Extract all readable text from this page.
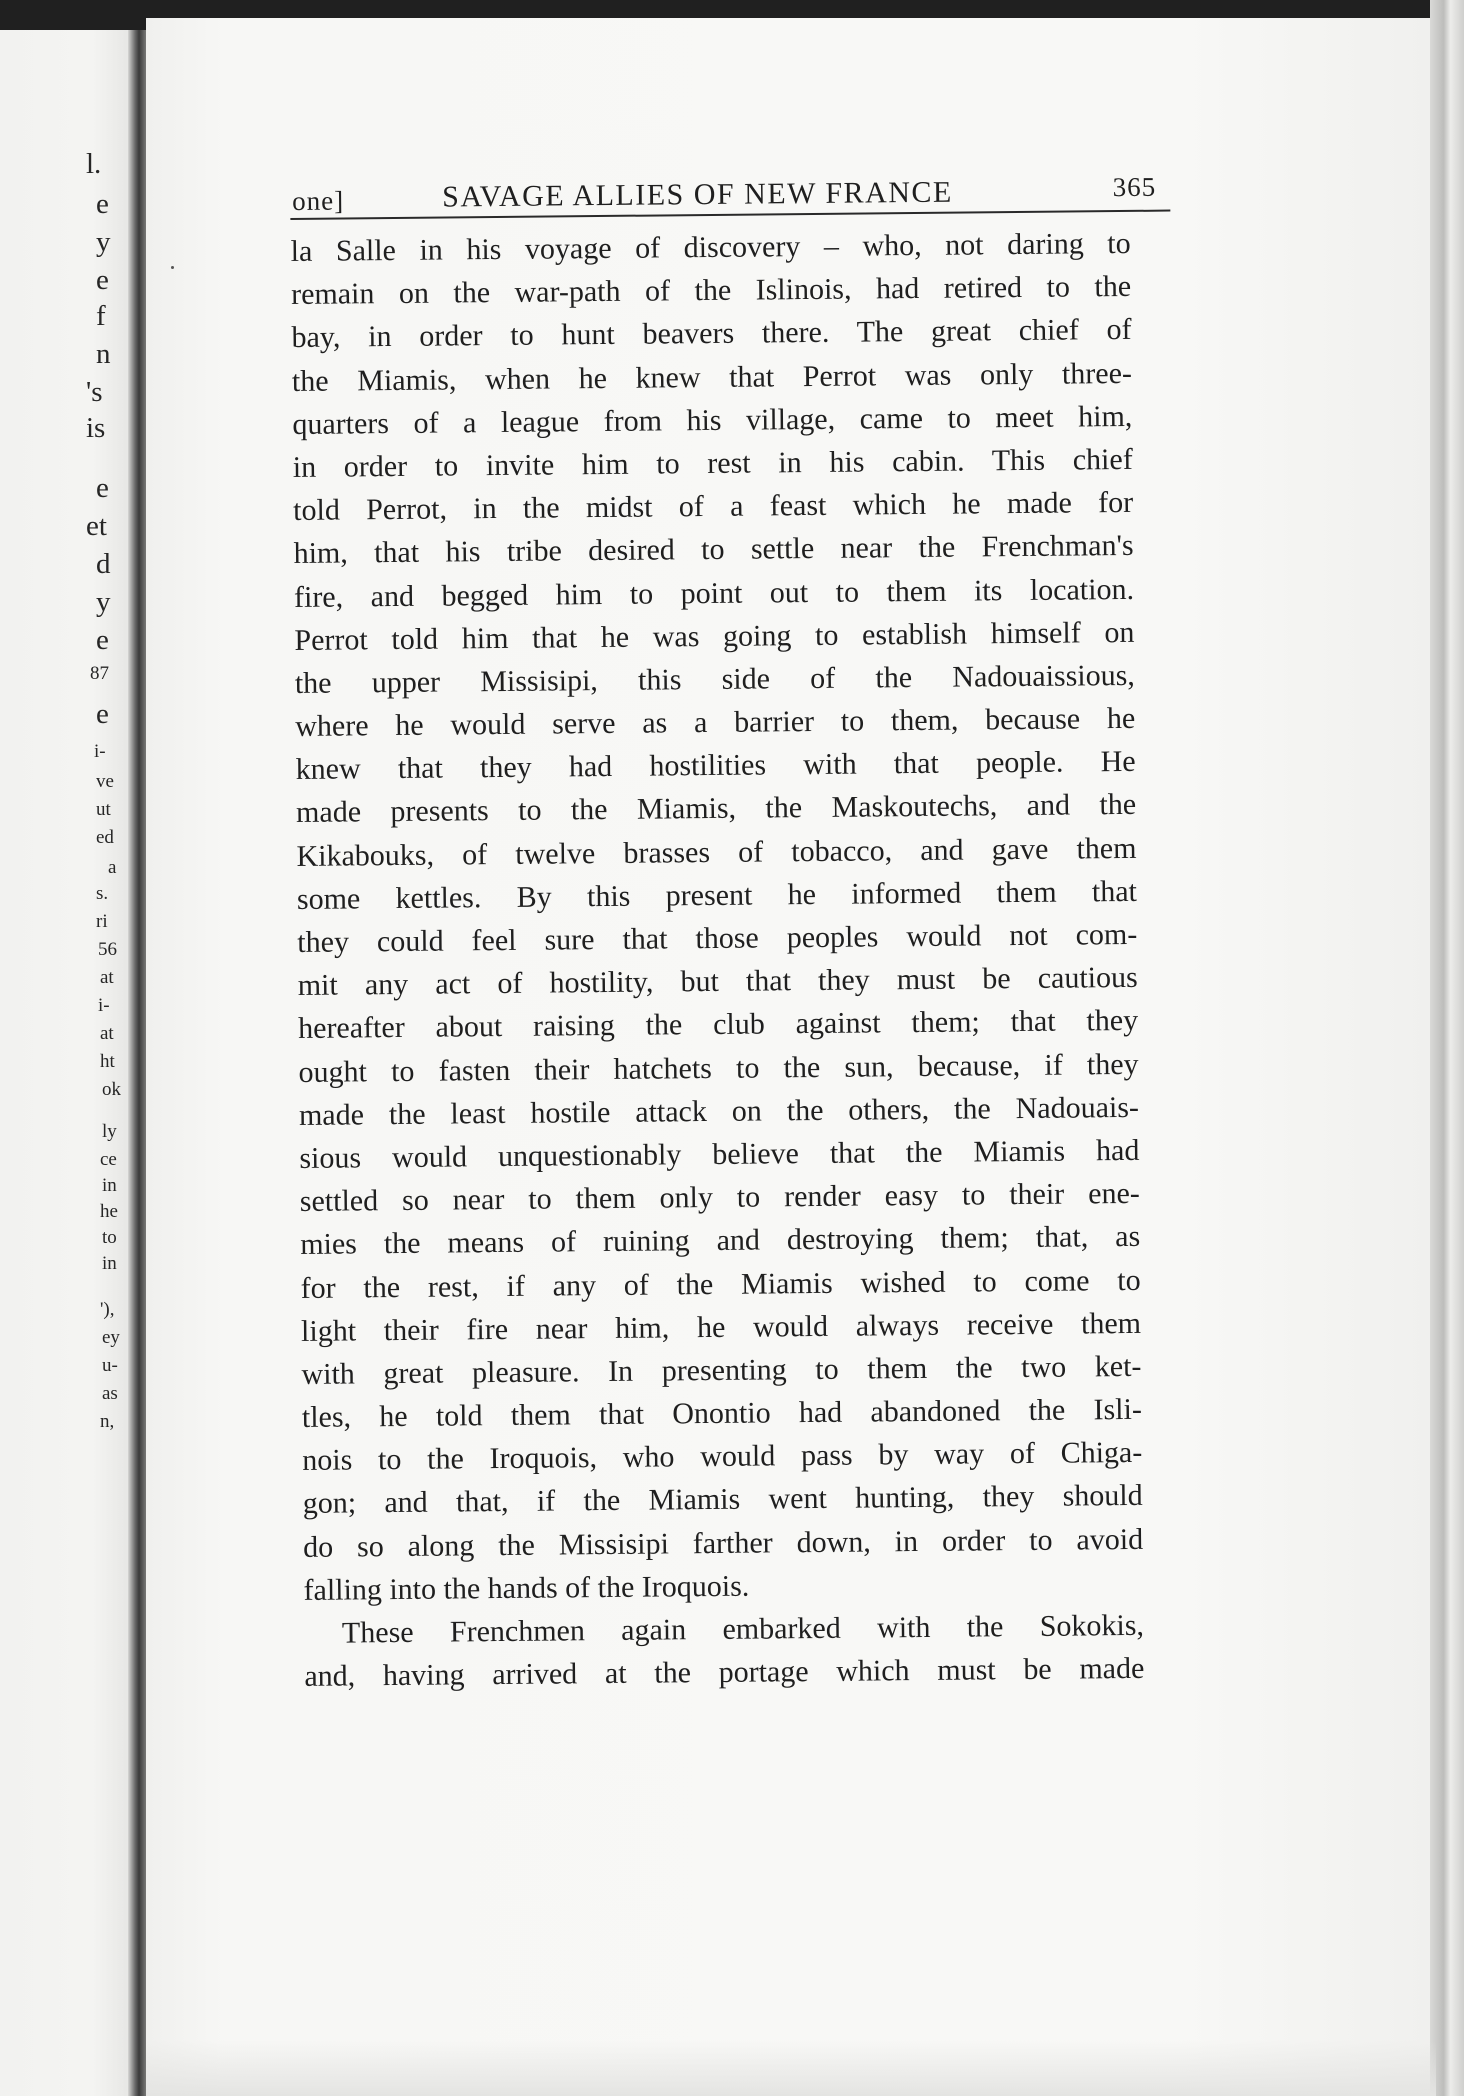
l.
e
y
e
f
n
's
is
e
et
d
y
e
87
e
i-
ve
ut
ed
a
s.
ri
56
at
i-
at
ht
ok
ly
ce
in
he
to
in
'),
ey
u-
as
n,
one]	SAVAGE ALLIES OF NEW FRANCE	365
la Salle in his voyage of discovery – who, not daring to
remain on the war-path of the Islinois, had retired to the
bay, in order to hunt beavers there. The great chief of
the Miamis, when he knew that Perrot was only three-
quarters of a league from his village, came to meet him,
in order to invite him to rest in his cabin. This chief
told Perrot, in the midst of a feast which he made for
him, that his tribe desired to settle near the Frenchman's
fire, and begged him to point out to them its location.
Perrot told him that he was going to establish himself on
the upper Missisipi, this side of the Nadouaissious,
where he would serve as a barrier to them, because he
knew that they had hostilities with that people. He
made presents to the Miamis, the Maskoutechs, and the
Kikabouks, of twelve brasses of tobacco, and gave them
some kettles. By this present he informed them that
they could feel sure that those peoples would not com-
mit any act of hostility, but that they must be cautious
hereafter about raising the club against them; that they
ought to fasten their hatchets to the sun, because, if they
made the least hostile attack on the others, the Nadouais-
sious would unquestionably believe that the Miamis had
settled so near to them only to render easy to their ene-
mies the means of ruining and destroying them; that, as
for the rest, if any of the Miamis wished to come to
light their fire near him, he would always receive them
with great pleasure. In presenting to them the two ket-
tles, he told them that Onontio had abandoned the Isli-
nois to the Iroquois, who would pass by way of Chiga-
gon; and that, if the Miamis went hunting, they should
do so along the Missisipi farther down, in order to avoid
falling into the hands of the Iroquois.
These Frenchmen again embarked with the Sokokis,
and, having arrived at the portage which must be made
